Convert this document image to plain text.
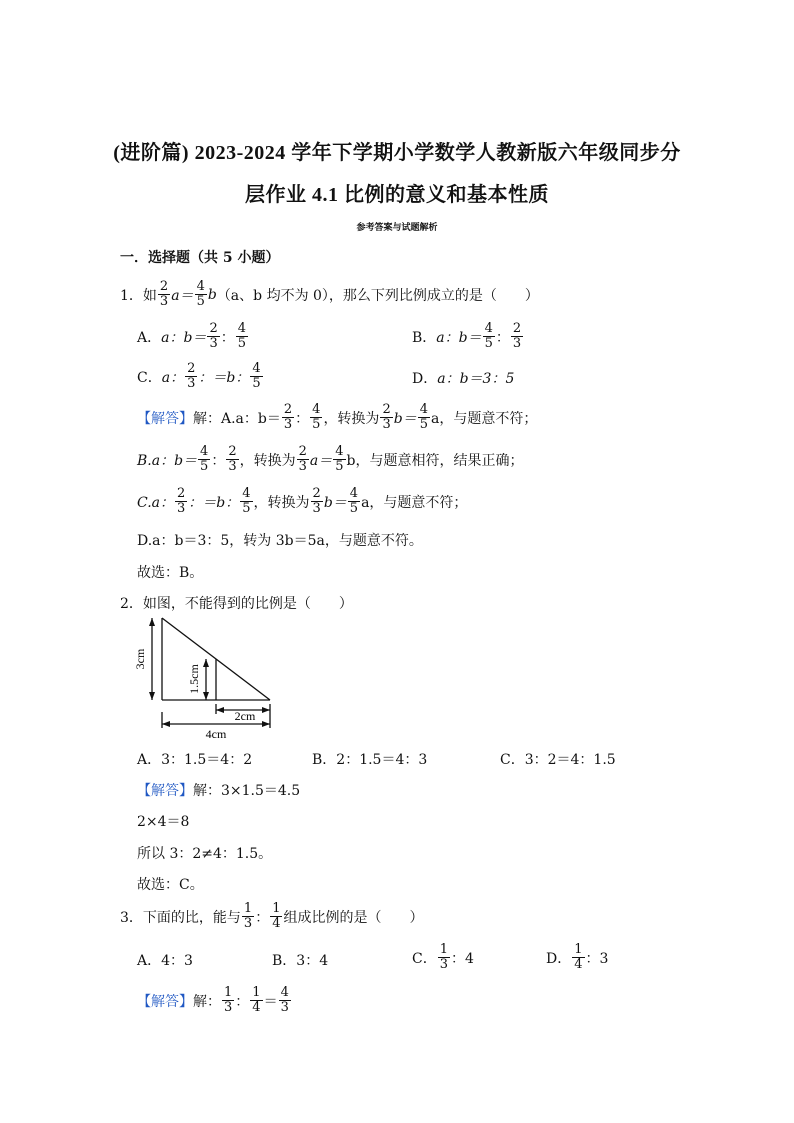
(进阶篇) 2023-2024 学年下学期小学数学人教新版六年级同步分
层作业 4.1 比例的意义和基本性质
参考答案与试题解析
一．选择题（共 5 小题）
1． 如 $\frac{2}{3} a= \frac{4}{5}$ b （a、b 均不为 0），那么下列比例成立的是（　　）
A． a：$b= \frac{2}{3}$ ： $\frac{4}{5}$	B． a：$b= \frac{4}{5}$ ： $\frac{2}{3}$
C． a： $\frac{2}{3}$ ：＝b： $\frac{4}{5}$	D． a：b＝3：5
【解答】 解：A.a：$b= \frac{2}{3}$ ： $\frac{4}{5}$ ，转换为 $\frac{2}{3} b= \frac{4}{5}$ a，与题意不符；
B.a：$b= \frac{4}{5}$ ： $\frac{2}{3}$ ，转换为 $\frac{2}{3} a= \frac{4}{5}$ b，与题意相符，结果正确；
C.a： $\frac{2}{3}$ ：＝b： $\frac{4}{5}$ ，转换为 $\frac{2}{3} b= \frac{4}{5}$ a，与题意不符；
D.a：b＝3：5，转为 3b＝5a，与题意不符。
故选：B。
2． 如图，不能得到的比例是（　　）
3cm
1.5cm
2cm
4cm
A．3：1.5＝4：2	B．2：1.5＝4：3	C．3：2＝4：1.5
【解答】 解：3×1.5＝4.5
2×4＝8
所以 3：2≠4：1.5。
故选：C。
3． 下面的比，能与 $\frac{1}{3}$ ： $\frac{1}{4}$ 组成比例的是（　　）
A．4：3	B．3：4	C． $\frac{1}{3}$ ：4	D． $\frac{1}{4}$ ：3
【解答】 解： $\frac{1}{3}$ ： $\frac{1}{4} = \frac{4}{3}$
